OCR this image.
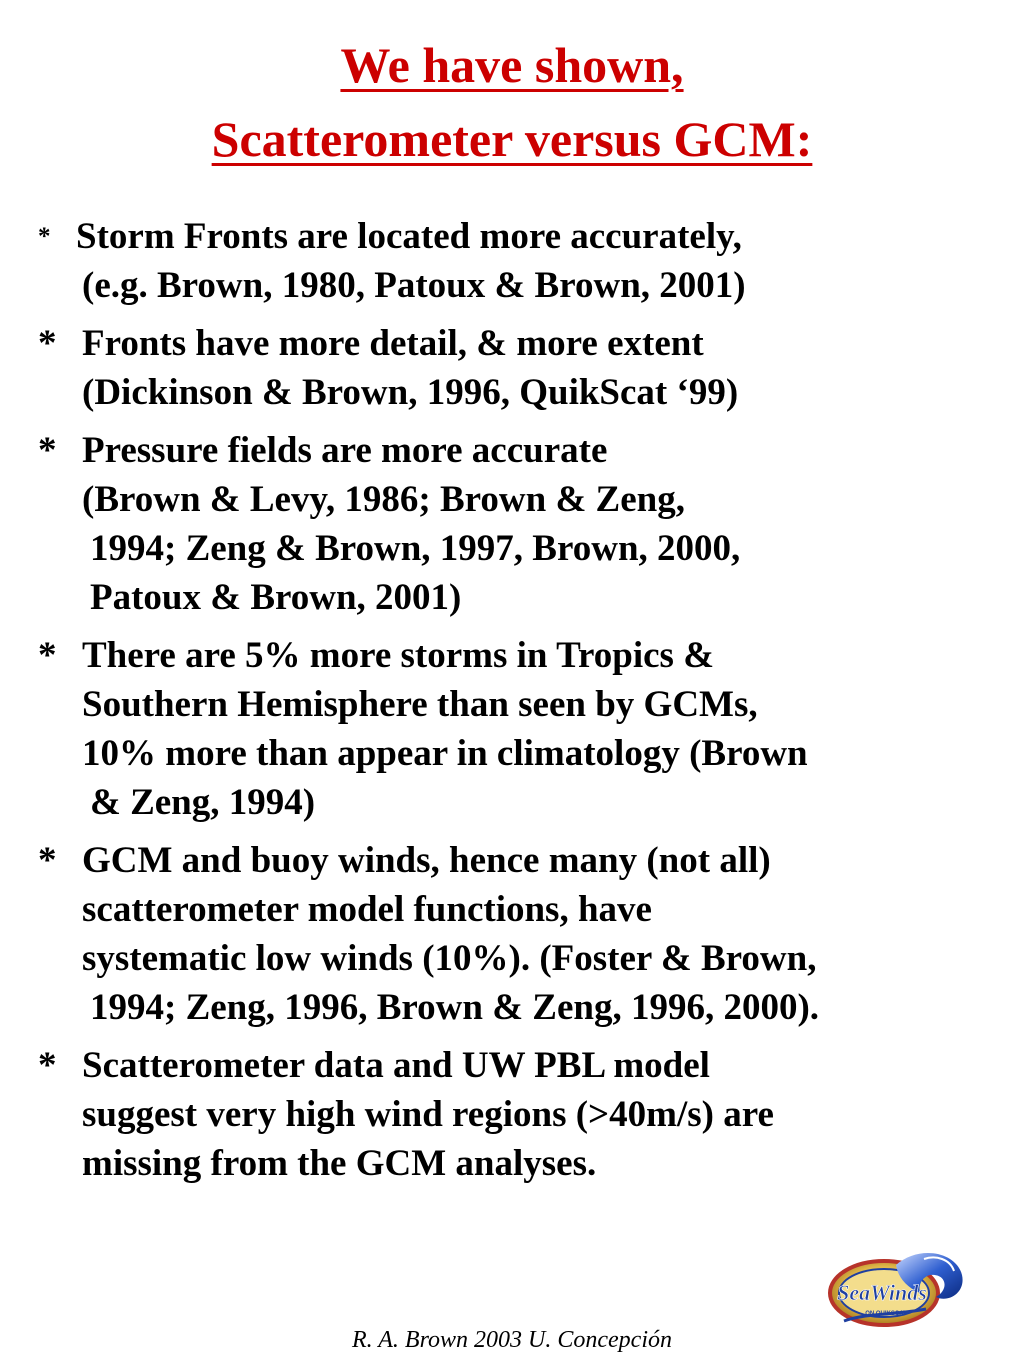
We have shown,
Scatterometer versus GCM:
* Storm Fronts are located more accurately,
(e.g. Brown, 1980, Patoux & Brown, 2001)
* Fronts have more detail, & more extent
(Dickinson & Brown, 1996, QuikScat ‘99)
* Pressure fields are more accurate
(Brown & Levy, 1986; Brown & Zeng,
1994; Zeng & Brown, 1997, Brown, 2000,
Patoux & Brown, 2001)
* There are 5% more storms in Tropics &
Southern Hemisphere than seen by GCMs,
10% more than appear in climatology (Brown
& Zeng, 1994)
* GCM and buoy winds, hence many (not all)
scatterometer model functions, have
systematic low winds (10%). (Foster & Brown,
1994; Zeng, 1996, Brown & Zeng, 1996, 2000).
* Scatterometer data and UW PBL model
suggest very high wind regions (>40m/s) are
missing from the GCM analyses.
SeaWinds
ON QUIKSCAT
R. A. Brown 2003 U. Concepción
